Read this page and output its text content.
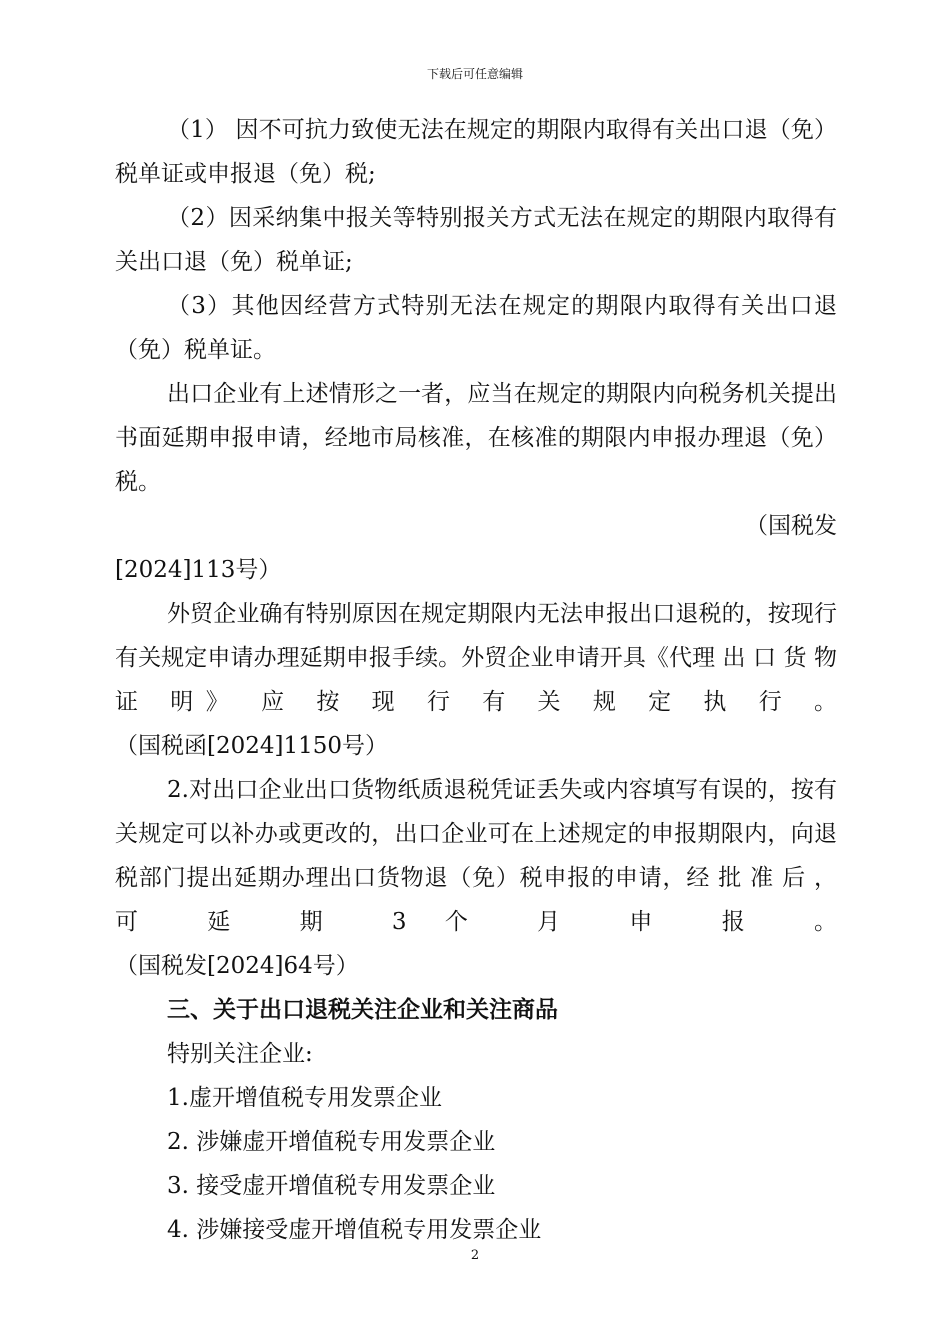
下载后可任意编辑

（1） 因不可抗力致使无法在规定的期限内取得有关出口退（免）税单证或申报退（免）税;

（2）因采纳集中报关等特别报关方式无法在规定的期限内取得有关出口退（免）税单证;

（3）其他因经营方式特别无法在规定的期限内取得有关出口退（免）税单证。

出口企业有上述情形之一者，应当在规定的期限内向税务机关提出书面延期申报申请，经地市局核准，在核准的期限内申报办理退（免）税。

（国税发

[2024]113号）

外贸企业确有特别原因在规定期限内无法申报出口退税的，按现行有关规定申请办理延期申报手续。外贸企业申请开具《代理 出 口 货 物 证 明》 应 按 现 行 有 关 规 定 执 行 。

（国税函[2024]1150号）

2.对出口企业出口货物纸质退税凭证丢失或内容填写有误的，按有关规定可以补办或更改的，出口企业可在上述规定的申报期限内，向退税部门提出延期办理出口货物退（免）税申报的申请，经 批 准 后 ， 可 延 期 3 个 月 申 报 。

（国税发[2024]64号）

三、关于出口退税关注企业和关注商品

特别关注企业:

1.虚开增值税专用发票企业

2. 涉嫌虚开增值税专用发票企业

3. 接受虚开增值税专用发票企业

4. 涉嫌接受虚开增值税专用发票企业

2
